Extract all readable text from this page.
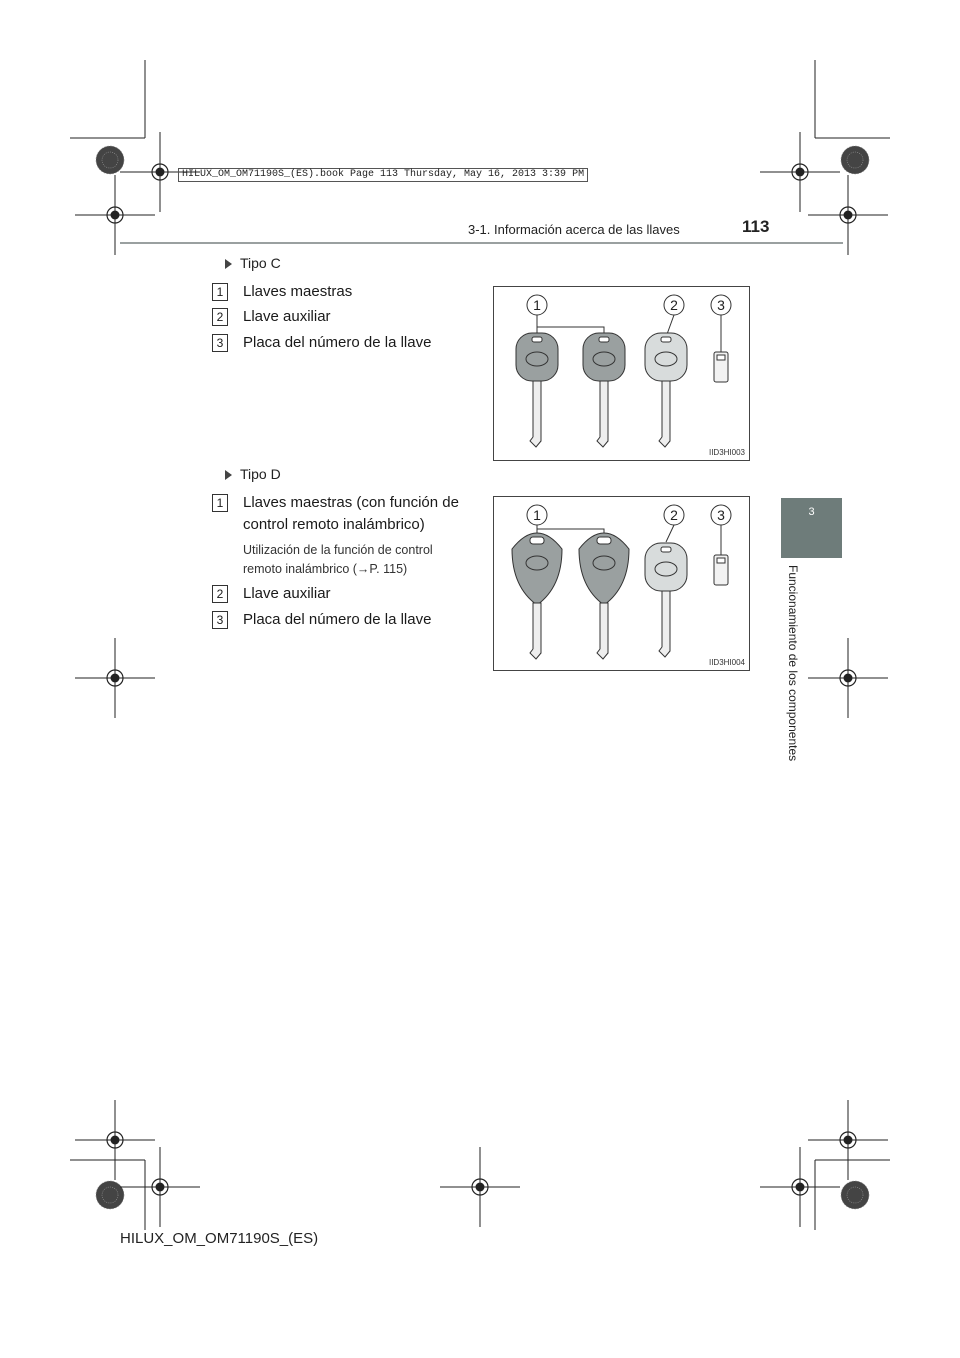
HILUX_OM_OM71190S_(ES).book Page 113 Thursday, May 16, 2013 3:39 PM
3-1. Información acerca de las llaves	113
3
Funcionamiento de los componentes
Tipo C
1	Llaves maestras
2	Llave auxiliar
3	Placa del número de la llave
1	2	3
IID3HI003
Tipo D
1	Llaves maestras (con función de
control remoto inalámbrico)
Utilización de la función de control
remoto inalámbrico (→P. 115)
2	Llave auxiliar
3	Placa del número de la llave
1	2	3
IID3HI004
HILUX_OM_OM71190S_(ES)
